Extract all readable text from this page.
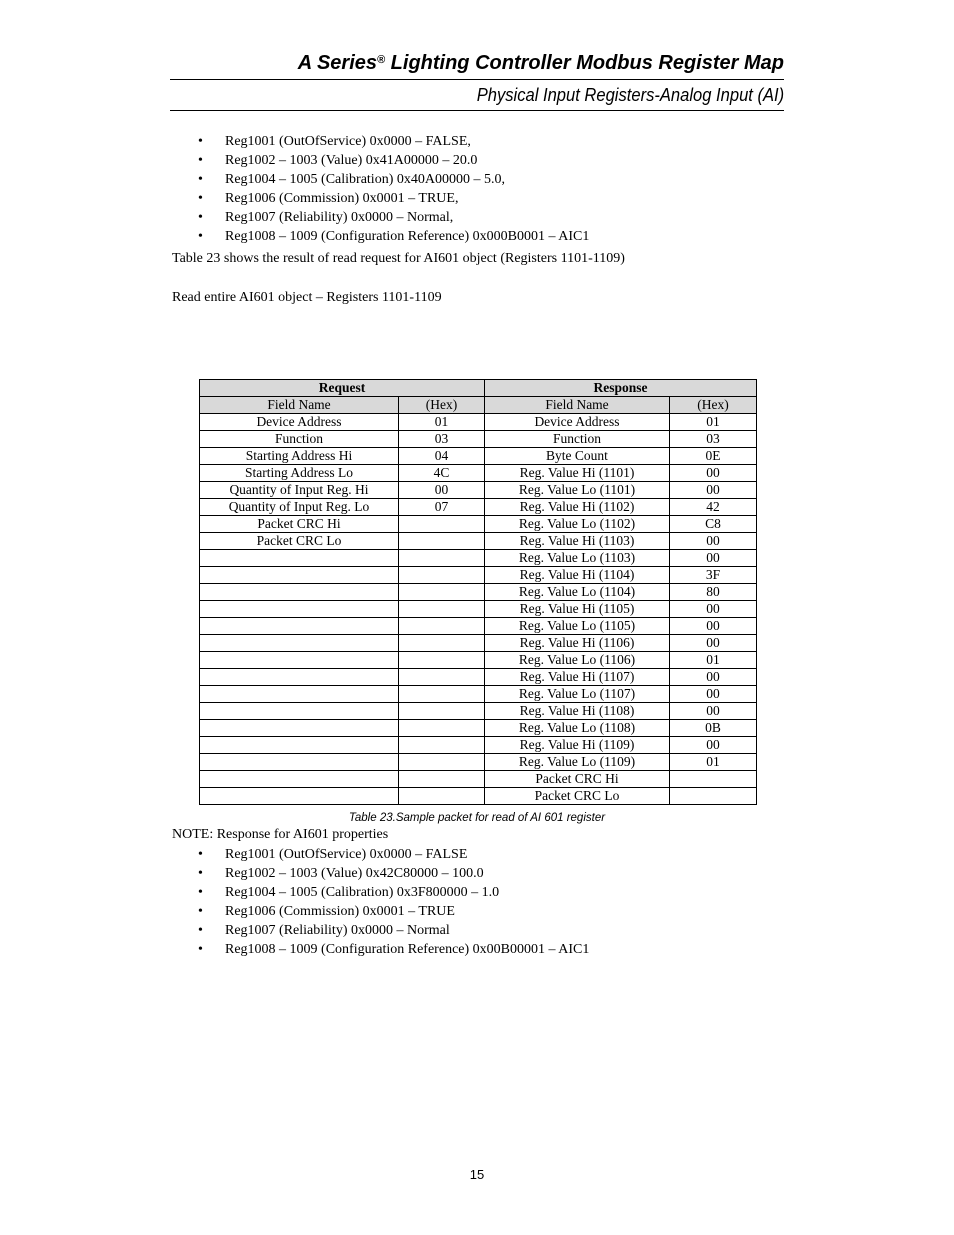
A Series® Lighting Controller Modbus Register Map
Physical Input Registers-Analog Input (AI)
• Reg1001 (OutOfService) 0x0000 – FALSE,
• Reg1002 – 1003 (Value) 0x41A00000 – 20.0
• Reg1004 – 1005 (Calibration) 0x40A00000 – 5.0,
• Reg1006 (Commission) 0x0001 – TRUE,
• Reg1007 (Reliability) 0x0000 – Normal,
• Reg1008 – 1009 (Configuration Reference) 0x000B0001 – AIC1
Table 23 shows the result of read request for AI601 object (Registers 1101-1109)
Read entire AI601 object – Registers 1101-1109
Request		Response	
Field Name	(Hex)	Field Name	(Hex)
Device Address	01	Device Address	01
Function	03	Function	03
Starting Address Hi	04	Byte Count	0E
Starting Address Lo	4C	Reg. Value Hi (1101)	00
Quantity of Input Reg. Hi	00	Reg. Value Lo (1101)	00
Quantity of Input Reg. Lo	07	Reg. Value Hi (1102)	42
Packet CRC Hi		Reg. Value Lo (1102)	C8
Packet CRC Lo		Reg. Value Hi (1103)	00
		Reg. Value Lo (1103)	00
		Reg. Value Hi (1104)	3F
		Reg. Value Lo (1104)	80
		Reg. Value Hi (1105)	00
		Reg. Value Lo (1105)	00
		Reg. Value Hi (1106)	00
		Reg. Value Lo (1106)	01
		Reg. Value Hi (1107)	00
		Reg. Value Lo (1107)	00
		Reg. Value Hi (1108)	00
		Reg. Value Lo (1108)	0B
		Reg. Value Hi (1109)	00
		Reg. Value Lo (1109)	01
		Packet CRC Hi	
		Packet CRC Lo	
Table 23.Sample packet for read of AI 601 register
NOTE: Response for AI601 properties
• Reg1001 (OutOfService) 0x0000 – FALSE
• Reg1002 – 1003 (Value) 0x42C80000 – 100.0
• Reg1004 – 1005 (Calibration) 0x3F800000 – 1.0
• Reg1006 (Commission) 0x0001 – TRUE
• Reg1007 (Reliability) 0x0000 – Normal
• Reg1008 – 1009 (Configuration Reference) 0x00B00001 – AIC1
15
